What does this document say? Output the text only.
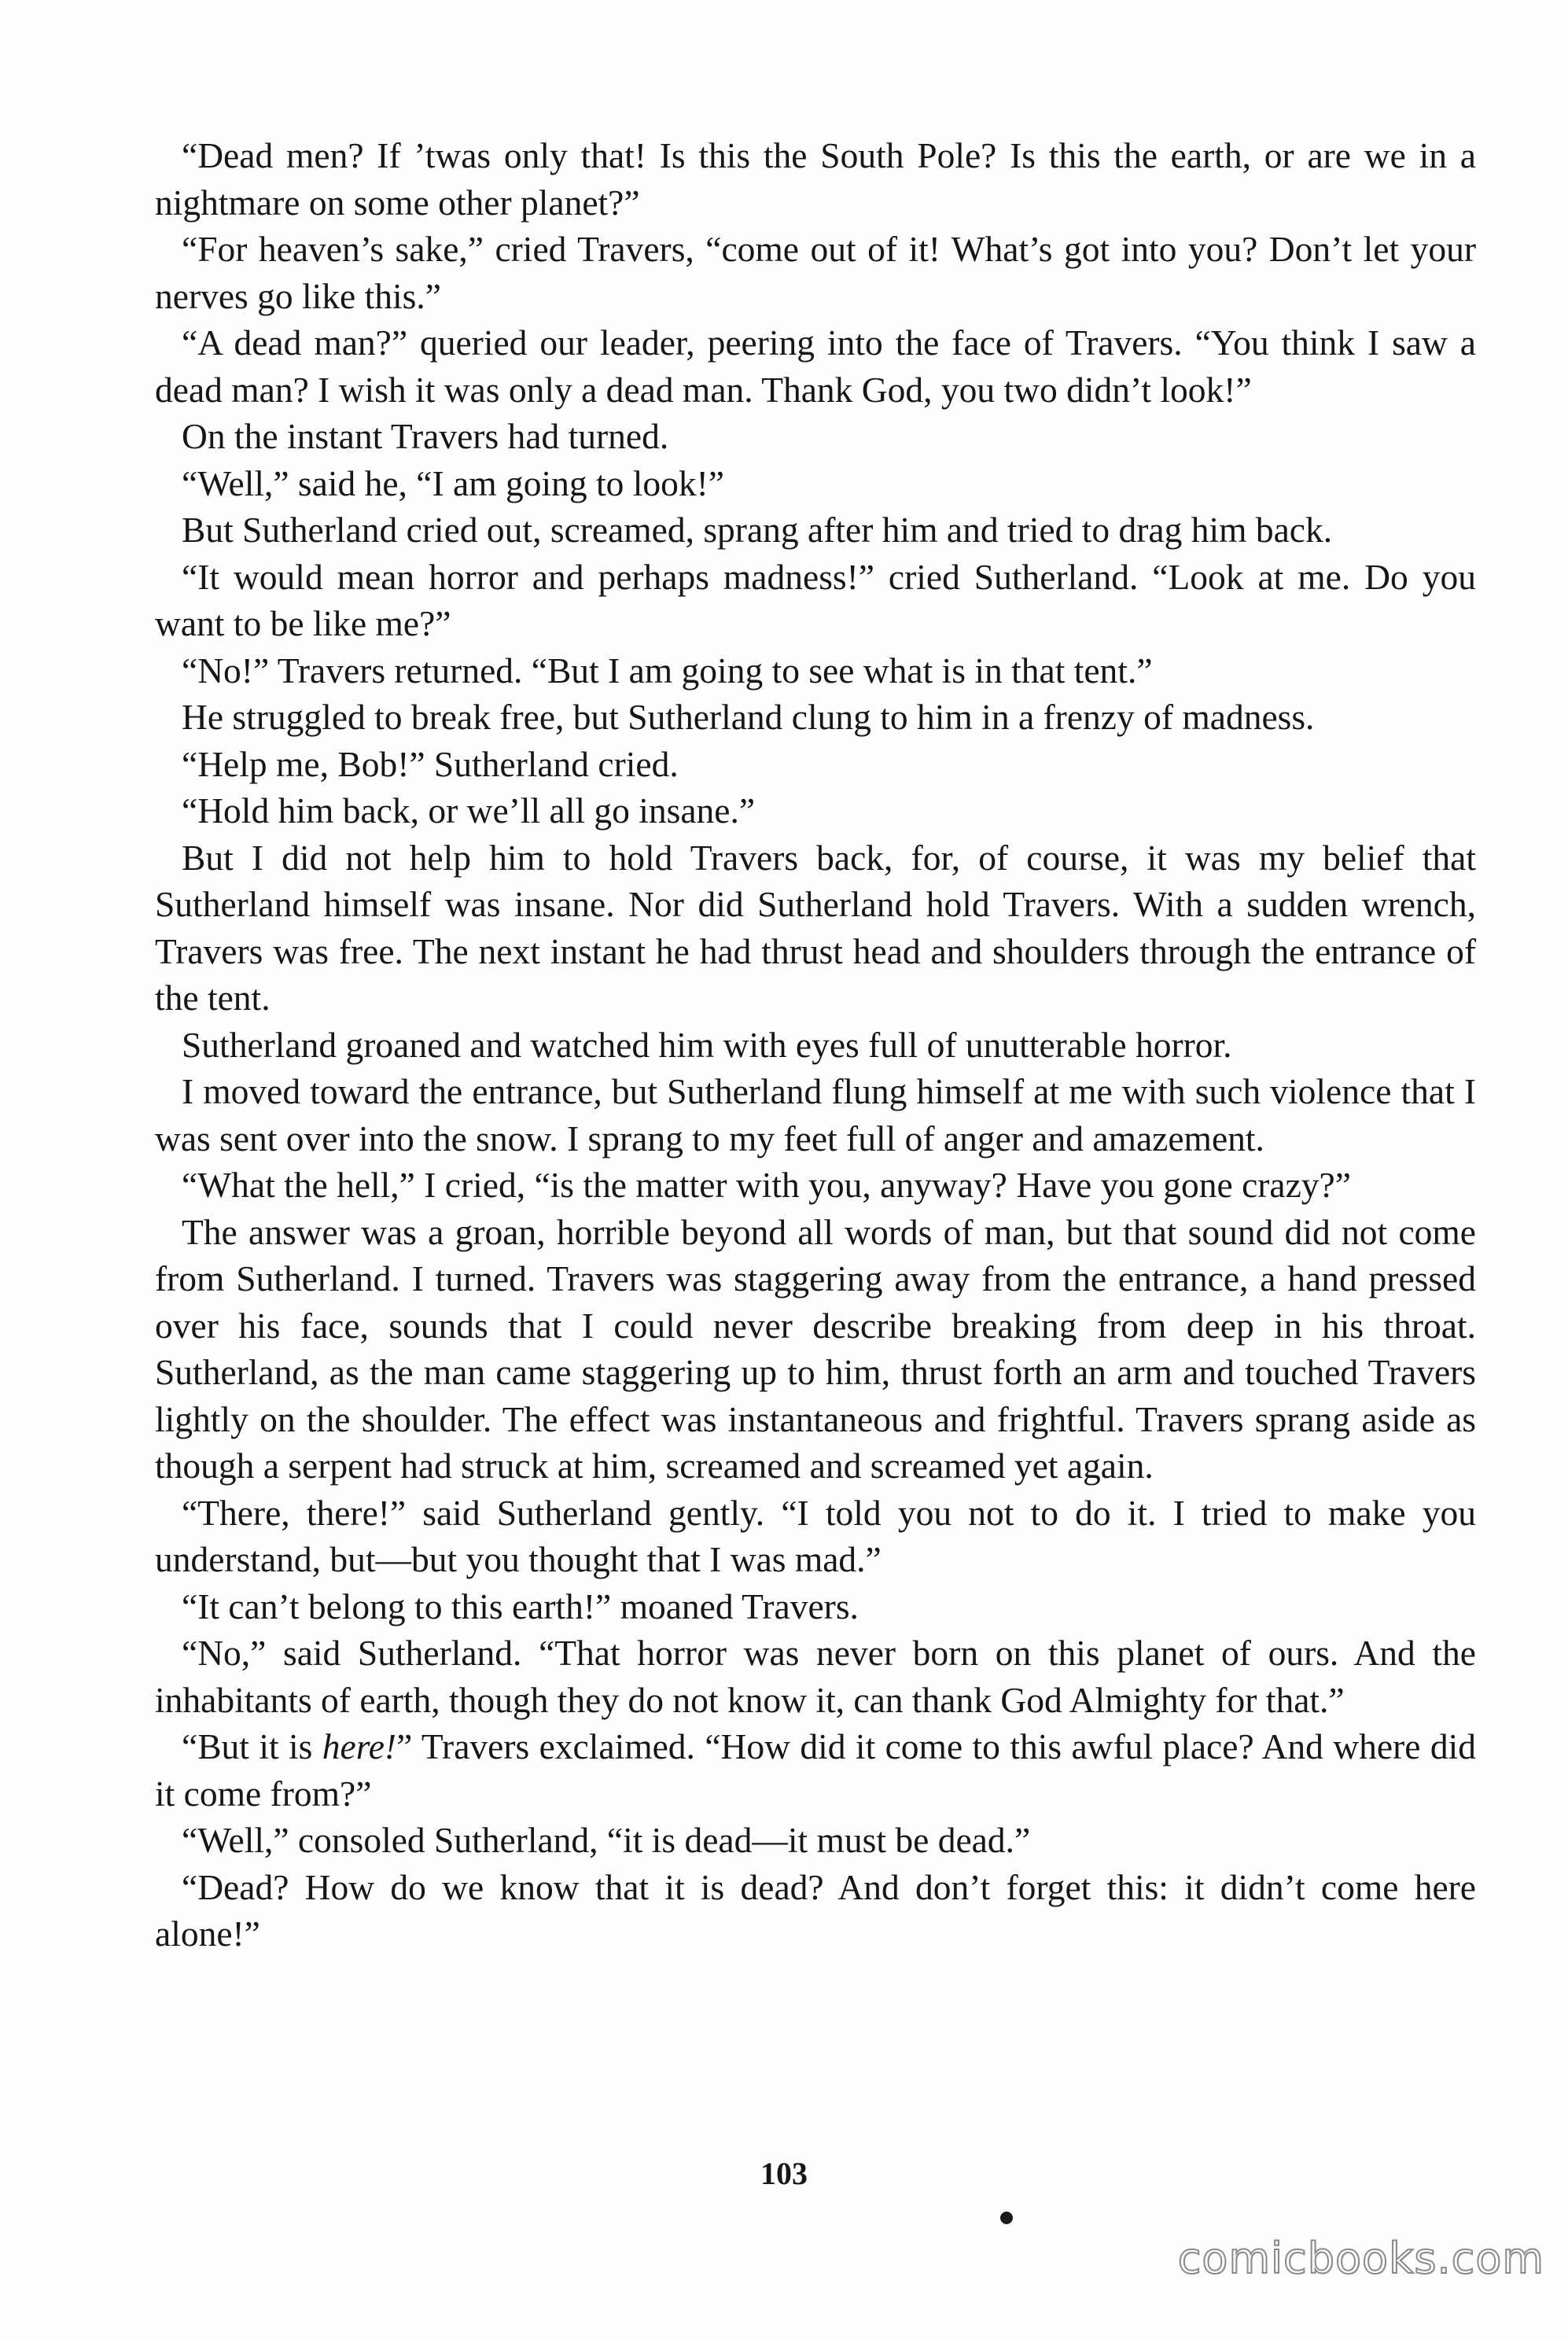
“Dead men? If ’twas only that! Is this the South Pole? Is this the earth, or are we in a nightmare on some other planet?”

“For heaven’s sake,” cried Travers, “come out of it! What’s got into you? Don’t let your nerves go like this.”

“A dead man?” queried our leader, peering into the face of Travers. “You think I saw a dead man? I wish it was only a dead man. Thank God, you two didn’t look!”

On the instant Travers had turned.

“Well,” said he, “I am going to look!”

But Sutherland cried out, screamed, sprang after him and tried to drag him back.

“It would mean horror and perhaps madness!” cried Sutherland. “Look at me. Do you want to be like me?”

“No!” Travers returned. “But I am going to see what is in that tent.”

He struggled to break free, but Sutherland clung to him in a frenzy of madness.

“Help me, Bob!” Sutherland cried.

“Hold him back, or we’ll all go insane.”

But I did not help him to hold Travers back, for, of course, it was my belief that Sutherland himself was insane. Nor did Sutherland hold Travers. With a sudden wrench, Travers was free. The next instant he had thrust head and shoulders through the entrance of the tent.

Sutherland groaned and watched him with eyes full of unutterable horror.

I moved toward the entrance, but Sutherland flung himself at me with such violence that I was sent over into the snow. I sprang to my feet full of anger and amazement.

“What the hell,” I cried, “is the matter with you, anyway? Have you gone crazy?”

The answer was a groan, horrible beyond all words of man, but that sound did not come from Sutherland. I turned. Travers was staggering away from the entrance, a hand pressed over his face, sounds that I could never describe breaking from deep in his throat. Sutherland, as the man came staggering up to him, thrust forth an arm and touched Travers lightly on the shoulder. The effect was instantaneous and frightful. Travers sprang aside as though a serpent had struck at him, screamed and screamed yet again.

“There, there!” said Sutherland gently. “I told you not to do it. I tried to make you understand, but—but you thought that I was mad.”

“It can’t belong to this earth!” moaned Travers.

“No,” said Sutherland. “That horror was never born on this planet of ours. And the inhabitants of earth, though they do not know it, can thank God Almighty for that.”

“But it is here!” Travers exclaimed. “How did it come to this awful place? And where did it come from?”

“Well,” consoled Sutherland, “it is dead—it must be dead.”

“Dead? How do we know that it is dead? And don’t forget this: it didn’t come here alone!”

103
comicbooks.com
